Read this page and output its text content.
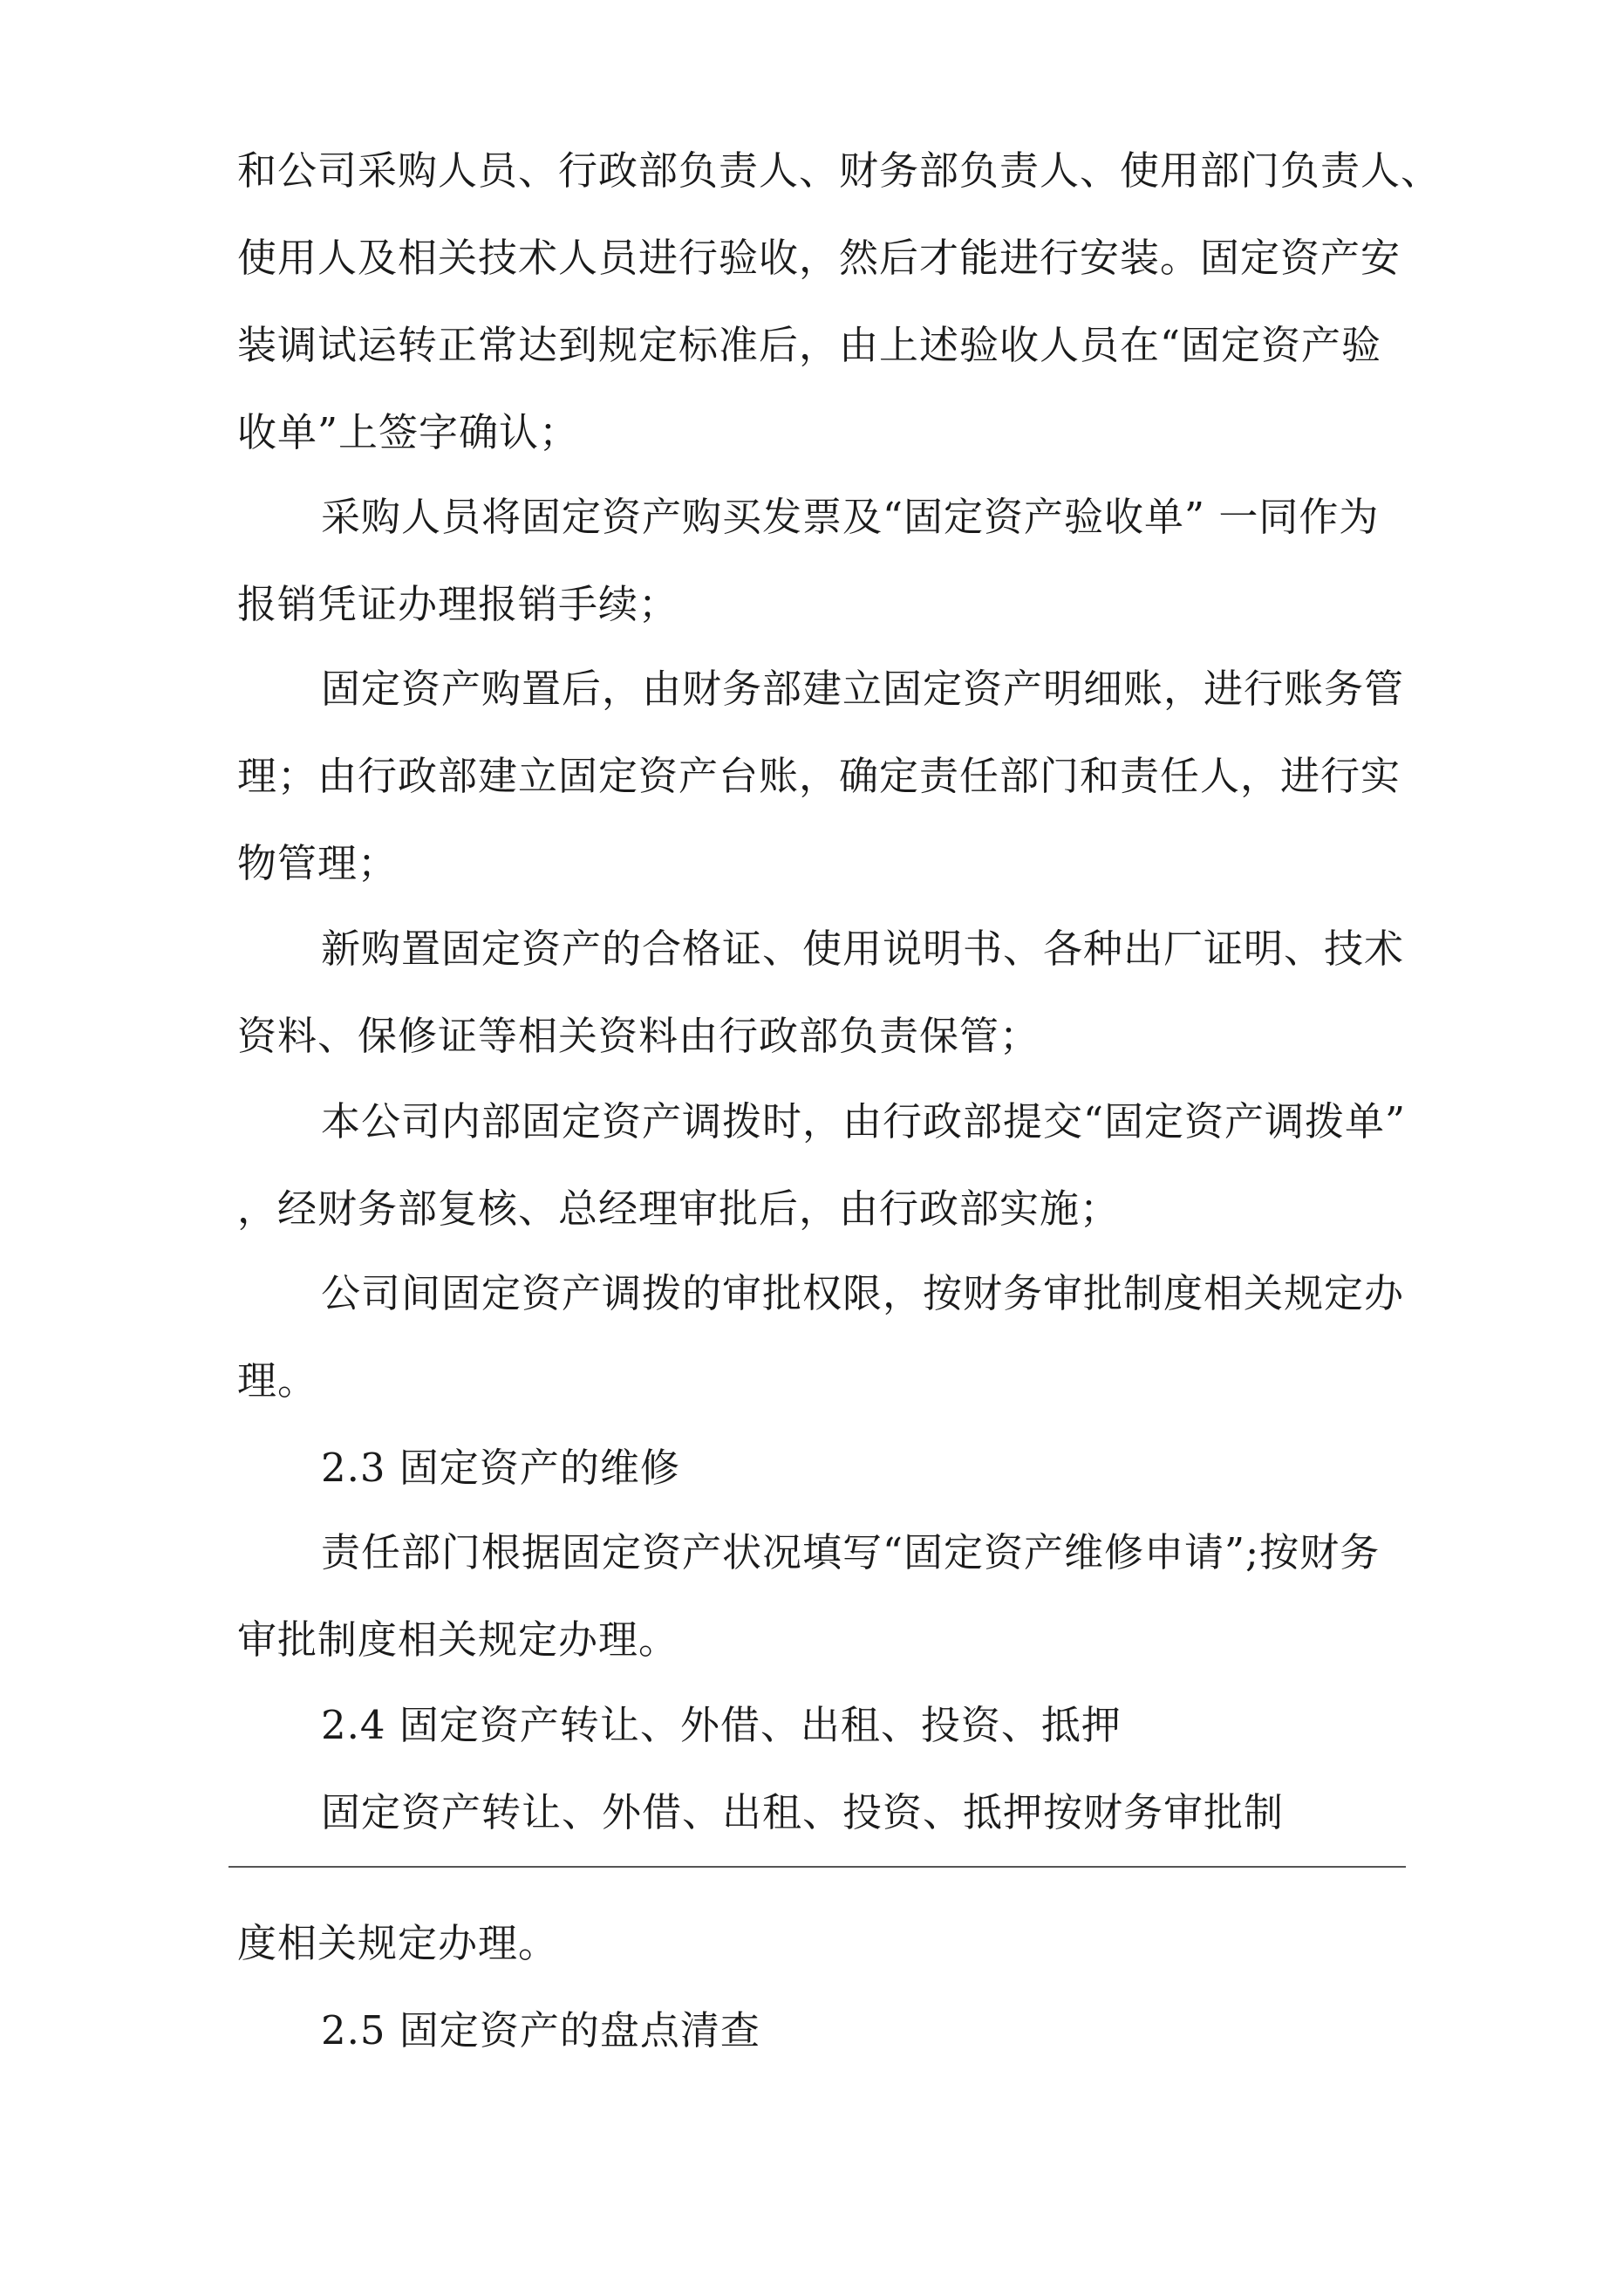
和公司采购人员、行政部负责人、财务部负责人、使用部门负责人、
使用人及相关技术人员进行验收，然后才能进行安装。固定资产安
装调试运转正常达到规定标准后，由上述验收人员在“固定资产验
收单”上签字确认；
采购人员将固定资产购买发票及“固定资产验收单” 一同作为
报销凭证办理报销手续；
固定资产购置后，由财务部建立固定资产明细账，进行账务管
理；由行政部建立固定资产台账，确定责任部门和责任人，进行实
物管理；
新购置固定资产的合格证、使用说明书、各种出厂证明、技术
资料、保修证等相关资料由行政部负责保管；
本公司内部固定资产调拨时，由行政部提交“固定资产调拨单”
，经财务部复核、总经理审批后，由行政部实施；
公司间固定资产调拨的审批权限，按财务审批制度相关规定办
理。
2.3 固定资产的维修
责任部门根据固定资产状况填写“固定资产维修申请”;按财务
审批制度相关规定办理。
2.4 固定资产转让、外借、出租、投资、抵押
固定资产转让、外借、出租、投资、抵押按财务审批制
度相关规定办理。
2.5 固定资产的盘点清查
